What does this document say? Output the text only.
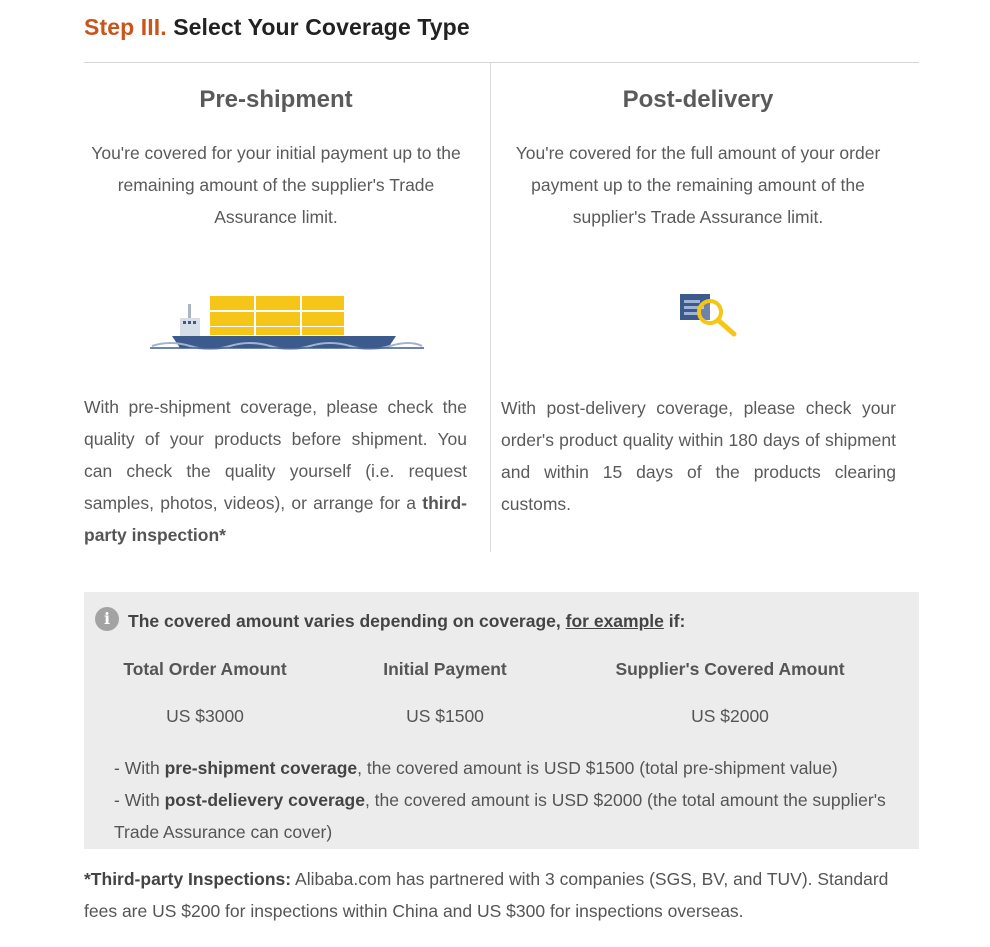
Step III. Select Your Coverage Type
Pre-shipment

You're covered for your initial payment up to the remaining amount of the supplier's Trade Assurance limit.

With pre-shipment coverage, please check the quality of your products before shipment. You can check the quality yourself (i.e. request samples, photos, videos), or arrange for a third-party inspection*

Post-delivery

You're covered for the full amount of your order payment up to the remaining amount of the supplier's Trade Assurance limit.

With post-delivery coverage, please check your order's product quality within 180 days of shipment and within 15 days of the products clearing customs.

i	The covered amount varies depending on coverage, for example if:

Total Order Amount	Initial Payment	Supplier's Covered Amount
US $3000	US $1500	US $2000

- With pre-shipment coverage, the covered amount is USD $1500 (total pre-shipment value)

- With post-delievery coverage, the covered amount is USD $2000 (the total amount the supplier's

Trade Assurance can cover)

*Third-party Inspections: Alibaba.com has partnered with 3 companies (SGS, BV, and TUV). Standard fees are US $200 for inspections within China and US $300 for inspections overseas.
